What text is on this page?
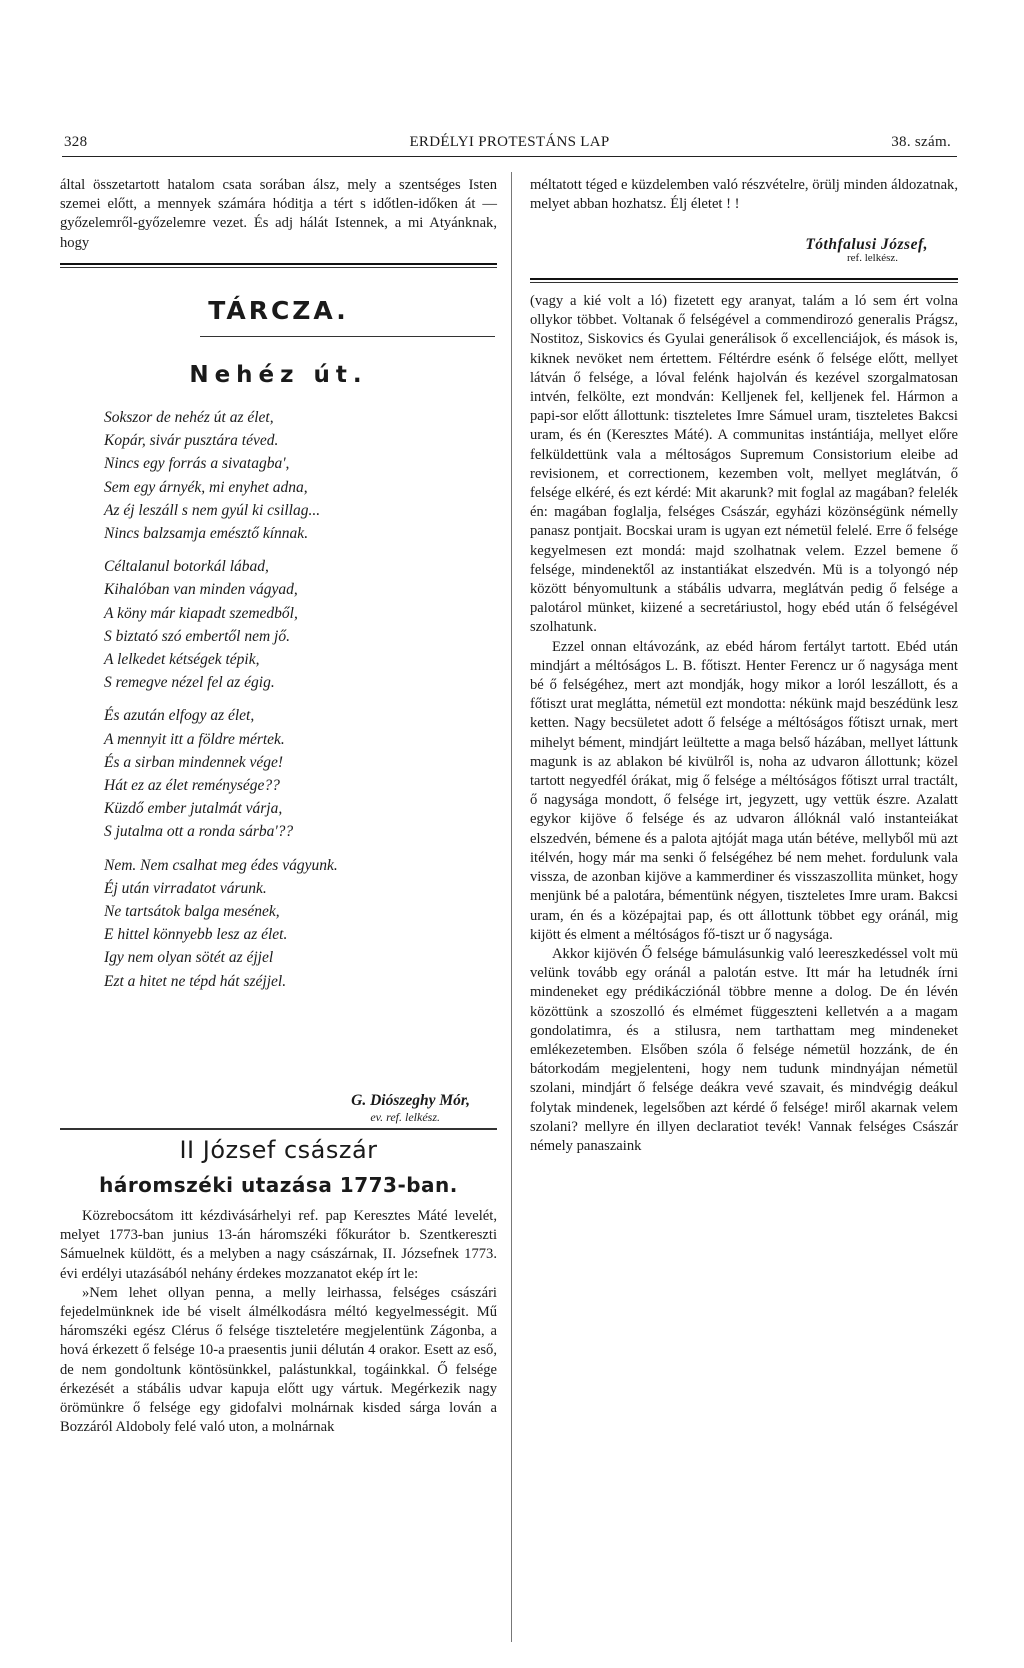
328	ERDÉLYI PROTESTÁNS LAP	38. szám.

által összetartott hatalom csata sorában álsz, mely a szentséges Isten szemei előtt, a mennyek számára hóditja a tért s időtlen-időken át — győzelemről-győzelemre vezet. És adj hálát Istennek, a mi Atyánknak, hogy

méltatott téged e küzdelemben való részvételre, örülj minden áldozatnak, melyet abban hozhatsz. Élj életet ! !

Tóthfalusi József,
ref. lelkész.
TÁRCZA.
Nehéz út.
Sokszor de nehéz út az élet,
Kopár, sivár pusztára téved.
Nincs egy forrás a sivatagba',
Sem egy árnyék, mi enyhet adna,
Az éj leszáll s nem gyúl ki csillag...
Nincs balzsamja emésztő kínnak.
Céltalanul botorkál lábad,
Kihalóban van minden vágyad,
A köny már kiapadt szemedből,
S biztató szó embertől nem jő.
A lelkedet kétségek tépik,
S remegve nézel fel az égig.
És azután elfogy az élet,
A mennyit itt a földre mértek.
És a sirban mindennek vége!
Hát ez az élet reménysége??
Küzdő ember jutalmát várja,
S jutalma ott a ronda sárba'??
Nem. Nem csalhat meg édes vágyunk.
Éj után virradatot várunk.
Ne tartsátok balga mesének,
E hittel könnyebb lesz az élet.
Igy nem olyan sötét az éjjel
Ezt a hitet ne tépd hát széjjel.
G. Diószeghy Mór,
ev. ref. lelkész.
II József császár
háromszéki utazása 1773-ban.

Közrebocsátom itt kézdivásárhelyi ref. pap Keresztes Máté levelét, melyet 1773-ban junius 13-án háromszéki főkurátor b. Szentkereszti Sámuelnek küldött, és a melyben a nagy császárnak, II. Józsefnek 1773. évi erdélyi utazásából nehány érdekes mozzanatot ekép írt le:

»Nem lehet ollyan penna, a melly leirhassa, felséges császári fejedelmünknek ide bé viselt álmélkodásra méltó kegyelmességit. Mű háromszéki egész Clérus ő felsége tiszteletére megjelentünk Zágonba, a hová érkezett ő felsége 10-a praesentis junii délután 4 orakor. Esett az eső, de nem gondoltunk köntösünkkel, palástunkkal, togáinkkal. Ő felsége érkezését a stábális udvar kapuja előtt ugy vártuk. Megérkezik nagy örömünkre ő felsége egy gidofalvi molnárnak kisded sárga lován a Bozzáról Aldoboly felé való uton, a molnárnak

(vagy a kié volt a ló) fizetett egy aranyat, talám a ló sem ért volna ollykor többet. Voltanak ő felségével a commendirozó generalis Prágsz, Nostitoz, Siskovics és Gyulai generálisok ő excellenciájok, és mások is, kiknek nevöket nem értettem. Féltérdre esénk ő felsége előtt, mellyet látván ő felsége, a lóval felénk hajolván és kezével szorgalmatosan intvén, felkölte, ezt mondván: Kelljenek fel, kelljenek fel. Hármon a papi-sor előtt állottunk: tiszteletes Imre Sámuel uram, tiszteletes Bakcsi uram, és én (Keresztes Máté). A communitas instántiája, mellyet előre felküldettünk vala a méltoságos Supremum Consistorium eleibe ad revisionem, et correctionem, kezemben volt, mellyet meglátván, ő felsége elkéré, és ezt kérdé: Mit akarunk? mit foglal az magában? felelék én: magában foglalja, felséges Császár, egyházi közönségünk némelly panasz pontjait. Bocskai uram is ugyan ezt németül felelé. Erre ő felsége kegyelmesen ezt mondá: majd szolhatnak velem. Ezzel bemene ő felsége, mindenektől az instantiákat elszedvén. Mü is a tolyongó nép között bényomultunk a stábális udvarra, meglátván pedig ő felsége a palotárol münket, kiizené a secretáriustol, hogy ebéd után ő felségével szolhatunk.

Ezzel onnan eltávozánk, az ebéd három fertályt tartott. Ebéd után mindjárt a méltóságos L. B. főtiszt. Henter Ferencz ur ő nagysága ment bé ő felségéhez, mert azt mondják, hogy mikor a loról leszállott, és a főtiszt urat meglátta, németül ezt mondotta: nékünk majd beszédünk lesz ketten. Nagy becsületet adott ő felsége a méltóságos főtiszt urnak, mert mihelyt bément, mindjárt leültette a maga belső házában, mellyet láttunk magunk is az ablakon bé kivülről is, noha az udvaron állottunk; közel tartott negyedfél órákat, mig ő felsége a méltóságos főtiszt urral tractált, ő nagysága mondott, ő felsége irt, jegyzett, ugy vettük észre. Azalatt egykor kijöve ő felsége és az udvaron állóknál való instanteiákat elszedvén, bémene és a palota ajtóját maga után bétéve, mellyből mü azt itélvén, hogy már ma senki ő felségéhez bé nem mehet. fordulunk vala vissza, de azonban kijöve a kammerdiner és visszaszollita münket, hogy menjünk bé a palotára, bémentünk négyen, tiszteletes Imre uram. Bakcsi uram, én és a középajtai pap, és ott állottunk többet egy oránál, mig kijött és elment a méltóságos fő-tiszt ur ő nagysága.

Akkor kijövén Ő felsége bámulásunkig való leereszkedéssel volt mü velünk tovább egy oránál a palotán estve. Itt már ha letudnék írni mindeneket egy prédikácziónál többre menne a dolog. De én lévén közöttünk a szoszolló és elmémet függeszteni kelletvén a a magam gondolatimra, és a stilusra, nem tarthattam meg mindeneket emlékezetemben. Elsőben szóla ő felsége németül hozzánk, de én bátorkodám megjelenteni, hogy nem tudunk mindnyájan németül szolani, mindjárt ő felsége deákra vevé szavait, és mindvégig deákul folytak mindenek, legelsőben azt kérdé ő felsége! miről akarnak velem szolani? mellyre én illyen declaratiot tevék! Vannak felséges Császár némely panaszaink
